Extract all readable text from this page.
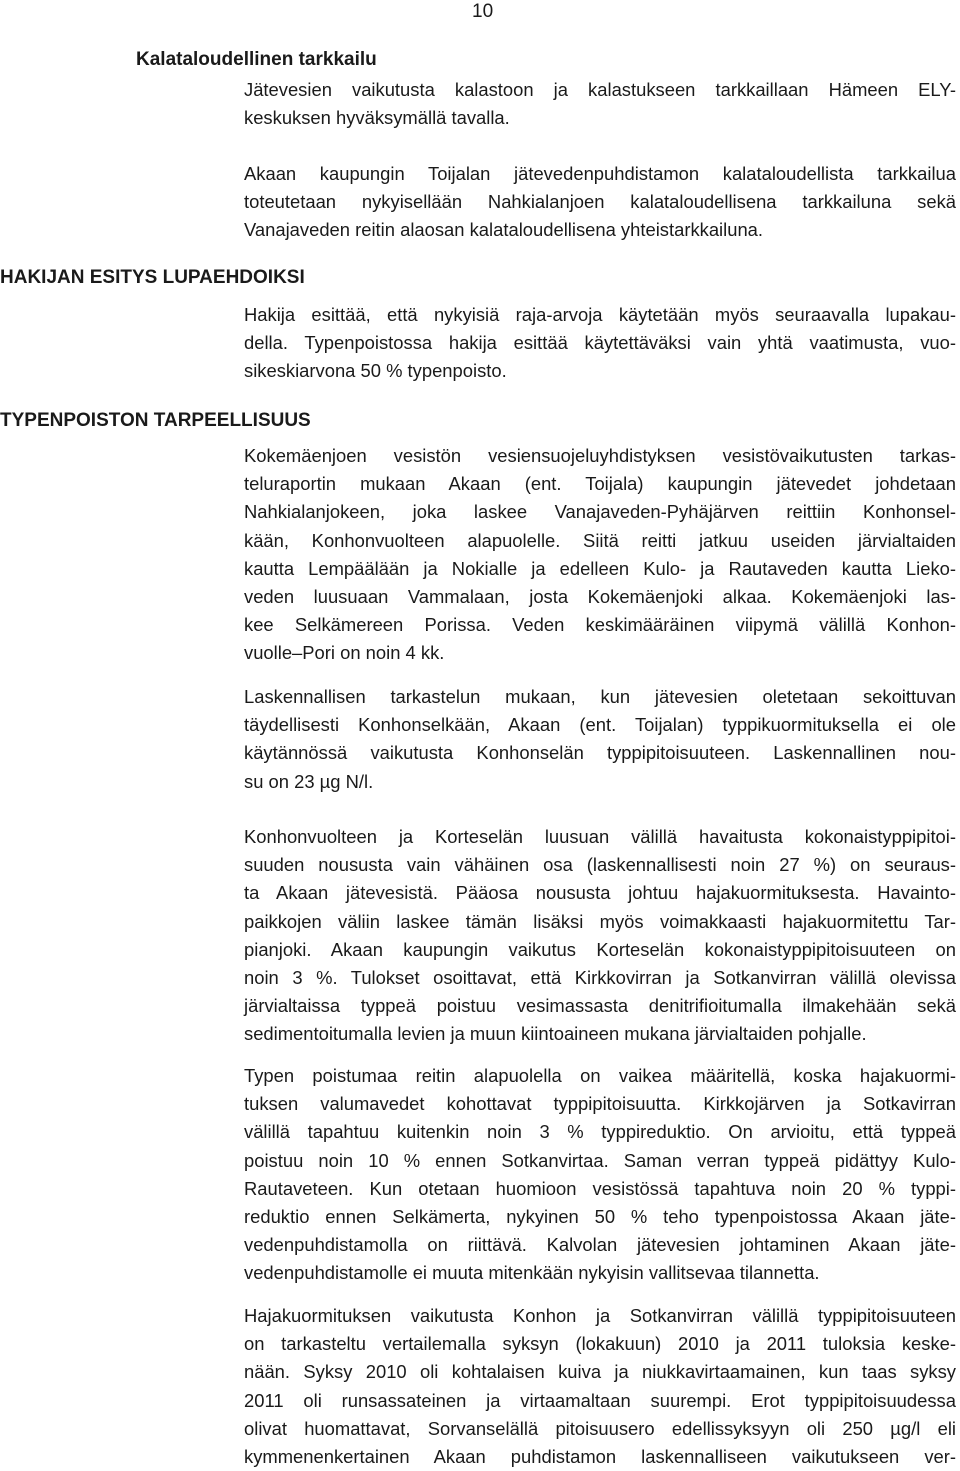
10
Kalataloudellinen tarkkailu
HAKIJAN ESITYS LUPAEHDOIKSI
TYPENPOISTON TARPEELLISUUS

Jätevesien vaikutusta kalastoon ja kalastukseen tarkkaillaan Hämeen ELY-
keskuksen hyväksymällä tavalla.

Akaan kaupungin Toijalan jätevedenpuhdistamon kalataloudellista tarkkailua
toteutetaan nykyisellään Nahkialanjoen kalataloudellisena tarkkailuna sekä
Vanajaveden reitin alaosan kalataloudellisena yhteistarkkailuna.

Hakija esittää, että nykyisiä raja-arvoja käytetään myös seuraavalla lupakau-
della. Typenpoistossa hakija esittää käytettäväksi vain yhtä vaatimusta, vuo-
sikeskiarvona 50 % typenpoisto.

Kokemäenjoen vesistön vesiensuojeluyhdistyksen vesistövaikutusten tarkas-
teluraportin mukaan Akaan (ent. Toijala) kaupungin jätevedet johdetaan
Nahkialanjokeen, joka laskee Vanajaveden-Pyhäjärven reittiin Konhonsel-
kään, Konhonvuolteen alapuolelle. Siitä reitti jatkuu useiden järvialtaiden
kautta Lempäälään ja Nokialle ja edelleen Kulo- ja Rautaveden kautta Lieko-
veden luusuaan Vammalaan, josta Kokemäenjoki alkaa. Kokemäenjoki las-
kee Selkämereen Porissa. Veden keskimääräinen viipymä välillä Konhon-
vuolle–Pori on noin 4 kk.

Laskennallisen tarkastelun mukaan, kun jätevesien oletetaan sekoittuvan
täydellisesti Konhonselkään, Akaan (ent. Toijalan) typpikuormituksella ei ole
käytännössä vaikutusta Konhonselän typpipitoisuuteen. Laskennallinen nou-
su on 23 µg N/l.

Konhonvuolteen ja Korteselän luusuan välillä havaitusta kokonaistyppipitoi-
suuden noususta vain vähäinen osa (laskennallisesti noin 27 %) on seuraus-
ta Akaan jätevesistä. Pääosa noususta johtuu hajakuormituksesta. Havainto-
paikkojen väliin laskee tämän lisäksi myös voimakkaasti hajakuormitettu Tar-
pianjoki. Akaan kaupungin vaikutus Korteselän kokonaistyppipitoisuuteen on
noin 3 %. Tulokset osoittavat, että Kirkkovirran ja Sotkanvirran välillä olevissa
järvialtaissa typpeä poistuu vesimassasta denitrifioitumalla ilmakehään sekä
sedimentoitumalla levien ja muun kiintoaineen mukana järvialtaiden pohjalle.

Typen poistumaa reitin alapuolella on vaikea määritellä, koska hajakuormi-
tuksen valumavedet kohottavat typpipitoisuutta. Kirkkojärven ja Sotkavirran
välillä tapahtuu kuitenkin noin 3 % typpireduktio. On arvioitu, että typpeä
poistuu noin 10 % ennen Sotkanvirtaa. Saman verran typpeä pidättyy Kulo-
Rautaveteen. Kun otetaan huomioon vesistössä tapahtuva noin 20 % typpi-
reduktio ennen Selkämerta, nykyinen 50 % teho typenpoistossa Akaan jäte-
vedenpuhdistamolla on riittävä. Kalvolan jätevesien johtaminen Akaan jäte-
vedenpuhdistamolle ei muuta mitenkään nykyisin vallitsevaa tilannetta.

Hajakuormituksen vaikutusta Konhon ja Sotkanvirran välillä typpipitoisuuteen
on tarkasteltu vertailemalla syksyn (lokakuun) 2010 ja 2011 tuloksia keske-
nään. Syksy 2010 oli kohtalaisen kuiva ja niukkavirtaamainen, kun taas syksy
2011 oli runsassateinen ja virtaamaltaan suurempi. Erot typpipitoisuudessa
olivat huomattavat, Sorvanselällä pitoisuusero edellissyksyyn oli 250 µg/l eli
kymmenenkertainen Akaan puhdistamon laskennalliseen vaikutukseen ver-
